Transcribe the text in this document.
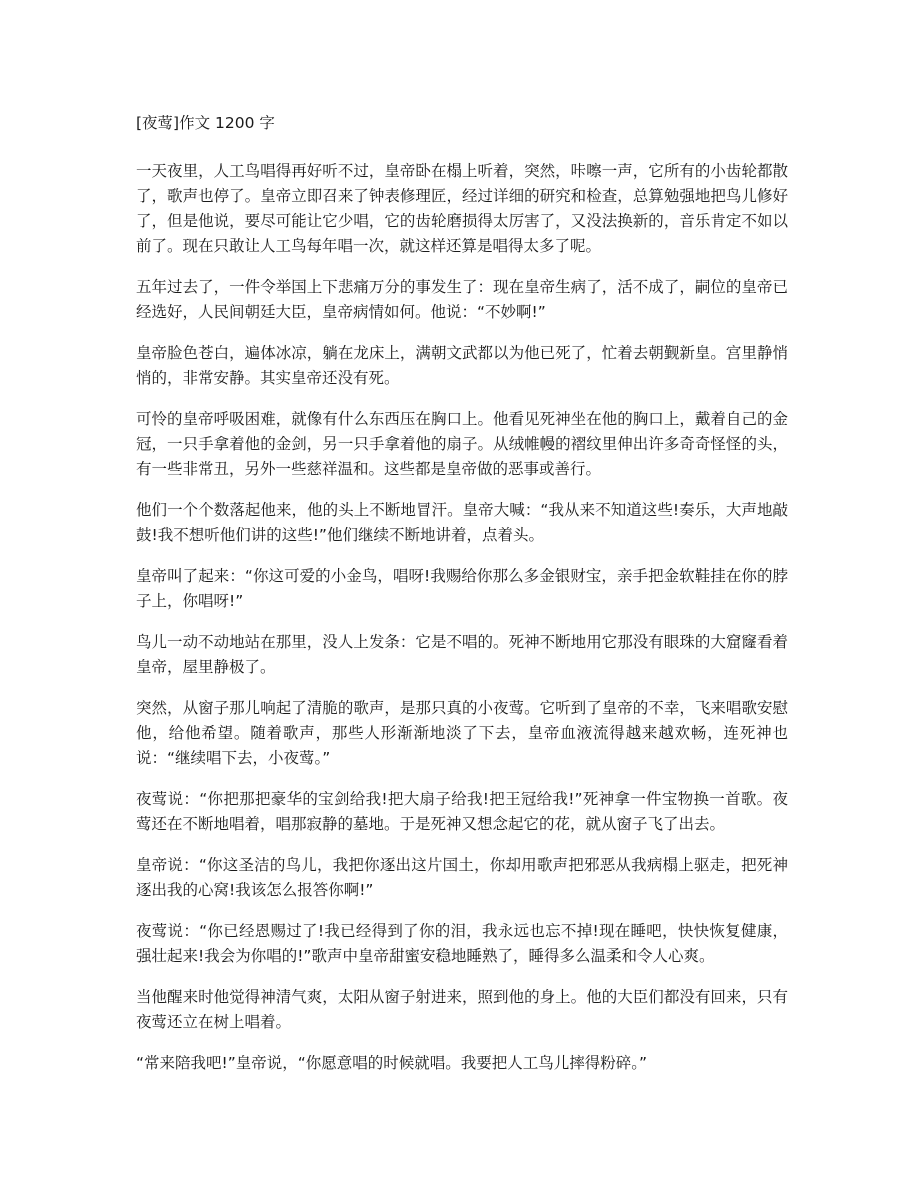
[夜莺]作文 1200 字

一天夜里，人工鸟唱得再好听不过，皇帝卧在榻上听着，突然，咔嚓一声，它所有的小齿轮都散了，歌声也停了。皇帝立即召来了钟表修理匠，经过详细的研究和检查，总算勉强地把鸟儿修好了，但是他说，要尽可能让它少唱，它的齿轮磨损得太厉害了，又没法换新的，音乐肯定不如以前了。现在只敢让人工鸟每年唱一次，就这样还算是唱得太多了呢。

五年过去了，一件令举国上下悲痛万分的事发生了：现在皇帝生病了，活不成了，嗣位的皇帝已经选好，人民间朝廷大臣，皇帝病情如何。他说：“不妙啊!”

皇帝脸色苍白，遍体冰凉，躺在龙床上，满朝文武都以为他已死了，忙着去朝觐新皇。宫里静悄悄的，非常安静。其实皇帝还没有死。

可怜的皇帝呼吸困难，就像有什么东西压在胸口上。他看见死神坐在他的胸口上，戴着自己的金冠，一只手拿着他的金剑，另一只手拿着他的扇子。从绒帷幔的褶纹里伸出许多奇奇怪怪的头，有一些非常丑，另外一些慈祥温和。这些都是皇帝做的恶事或善行。

他们一个个数落起他来，他的头上不断地冒汗。皇帝大喊：“我从来不知道这些!奏乐，大声地敲鼓!我不想听他们讲的这些!”他们继续不断地讲着，点着头。

皇帝叫了起来：“你这可爱的小金鸟，唱呀!我赐给你那么多金银财宝，亲手把金软鞋挂在你的脖子上，你唱呀!”

鸟儿一动不动地站在那里，没人上发条：它是不唱的。死神不断地用它那没有眼珠的大窟窿看着皇帝，屋里静极了。

突然，从窗子那儿响起了清脆的歌声，是那只真的小夜莺。它听到了皇帝的不幸，飞来唱歌安慰他，给他希望。随着歌声，那些人形渐渐地淡了下去，皇帝血液流得越来越欢畅，连死神也说：“继续唱下去，小夜莺。”

夜莺说：“你把那把豪华的宝剑给我!把大扇子给我!把王冠给我!”死神拿一件宝物换一首歌。夜莺还在不断地唱着，唱那寂静的墓地。于是死神又想念起它的花，就从窗子飞了出去。

皇帝说：“你这圣洁的鸟儿，我把你逐出这片国土，你却用歌声把邪恶从我病榻上驱走，把死神逐出我的心窝!我该怎么报答你啊!”

夜莺说：“你已经恩赐过了!我已经得到了你的泪，我永远也忘不掉!现在睡吧，快快恢复健康，强壮起来!我会为你唱的!”歌声中皇帝甜蜜安稳地睡熟了，睡得多么温柔和令人心爽。

当他醒来时他觉得神清气爽，太阳从窗子射进来，照到他的身上。他的大臣们都没有回来，只有夜莺还立在树上唱着。

“常来陪我吧!”皇帝说，“你愿意唱的时候就唱。我要把人工鸟儿摔得粉碎。”
